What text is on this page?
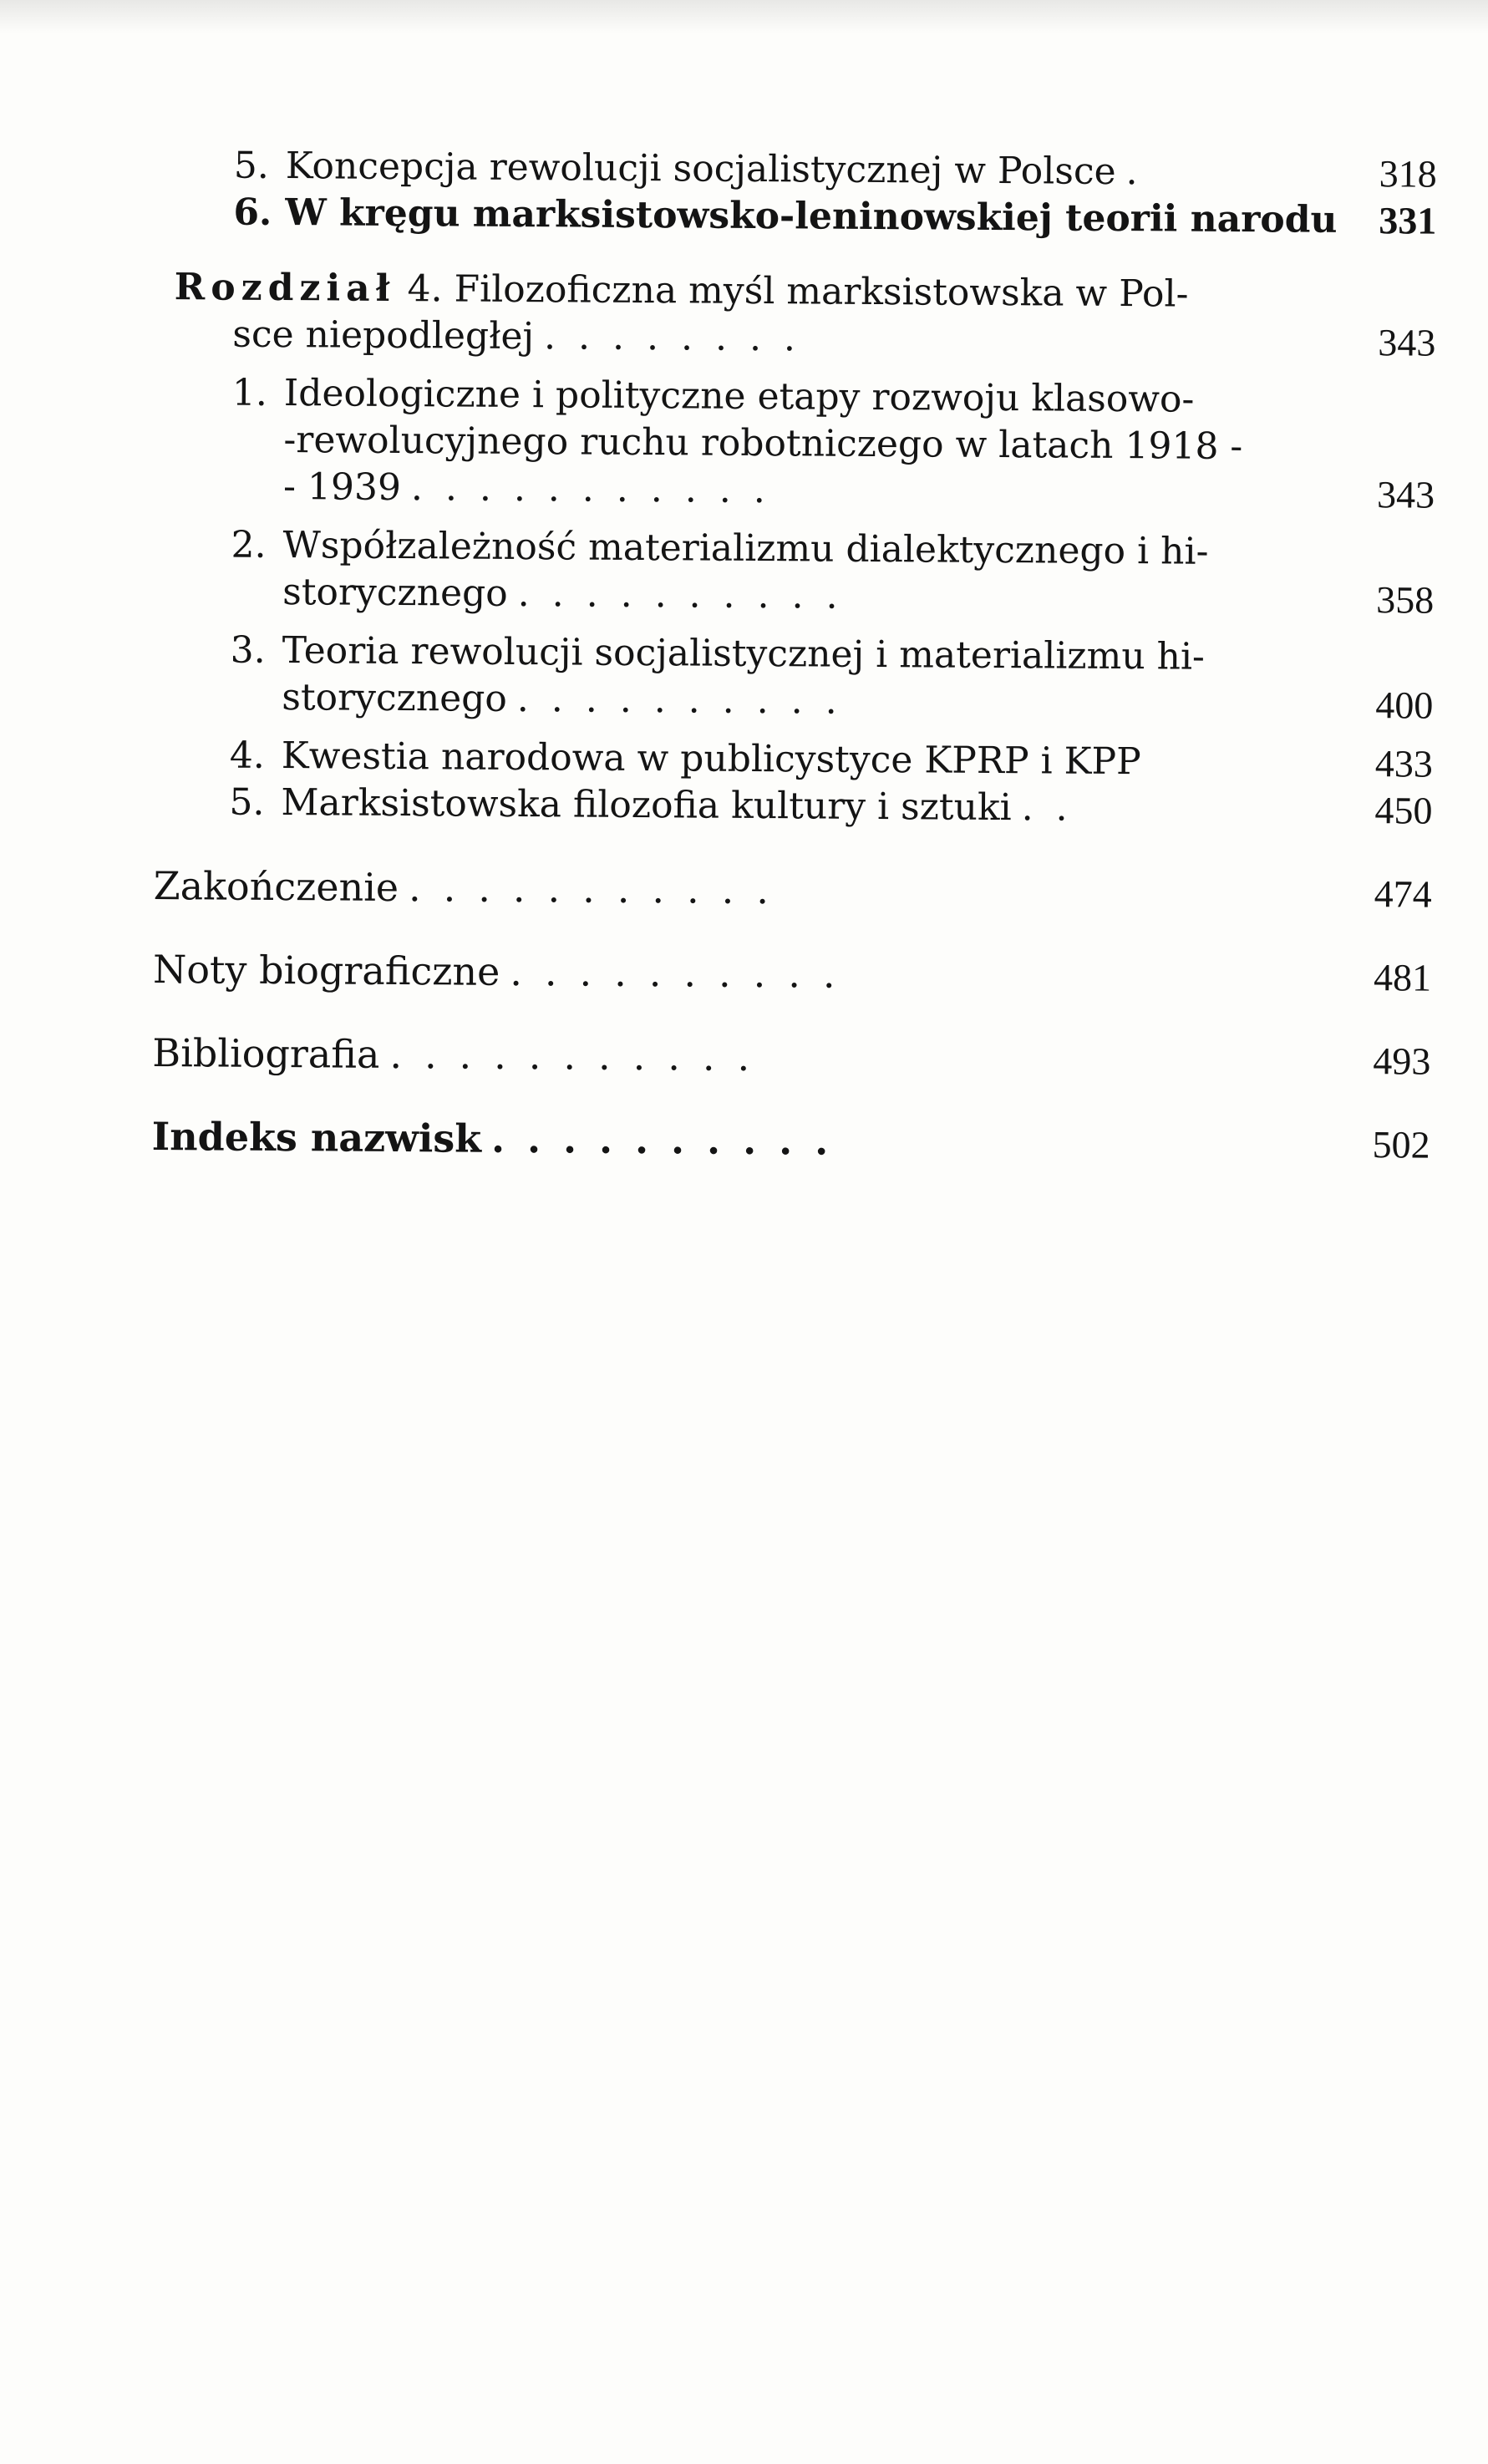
5. Koncepcja rewolucji socjalistycznej w Polsce .	318
6. W kręgu marksistowsko-leninowskiej teorii narodu	331
Rozdział 4. Filozoficzna myśl marksistowska w Pol-
sce niepodległej ........	343
1. Ideologiczne i polityczne etapy rozwoju klasowo-
-rewolucyjnego ruchu robotniczego w latach 1918 -
- 1939 ...........	343
2. Współzależność materializmu dialektycznego i hi-
storycznego ..........	358
3. Teoria rewolucji socjalistycznej i materializmu hi-
storycznego ..........	400
4. Kwestia narodowa w publicystyce KPRP i KPP	433
5. Marksistowska filozofia kultury i sztuki ..	450
Zakończenie ...........	474
Noty biograficzne ..........	481
Bibliografia ...........	493
Indeks nazwisk ..........	502
